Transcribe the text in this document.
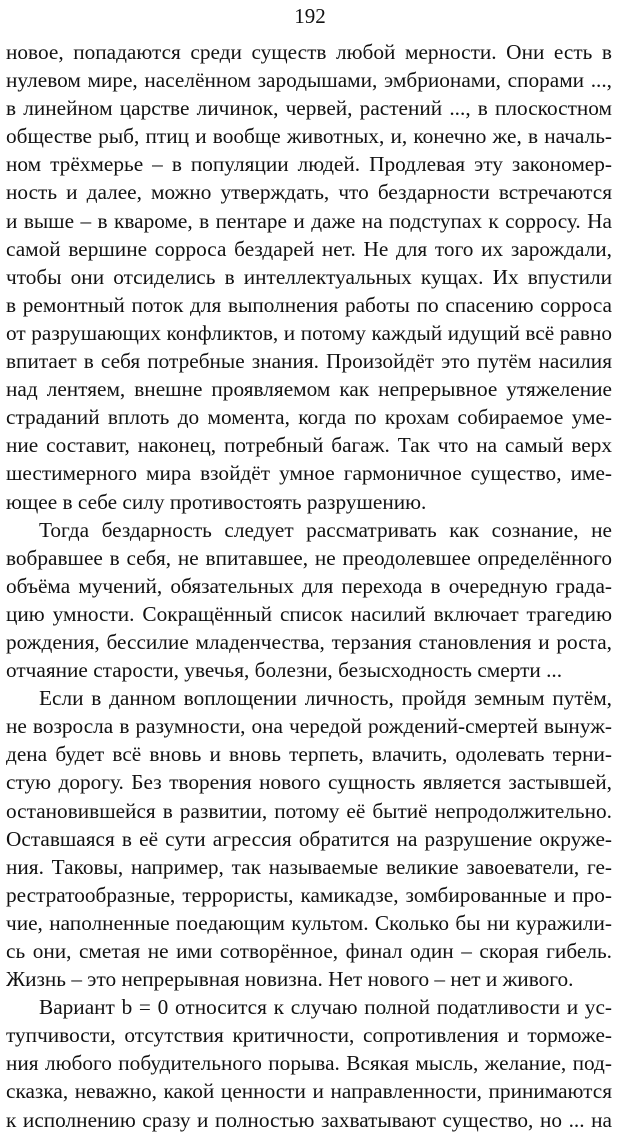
192
новое, попадаются среди существ любой мерности. Они есть в
нулевом мире, населённом зародышами, эмбрионами, спорами ...,
в линейном царстве личинок, червей, растений ..., в плоскостном
обществе рыб, птиц и вообще животных, и, конечно же, в началь-
ном трёхмерье – в популяции людей. Продлевая эту закономер-
ность и далее, можно утверждать, что бездарности встречаются
и выше – в кваромe, в пентаре и даже на подступах к сорросу. На
самой вершине сорроса бездарей нет. Не для того их зарождали,
чтобы они отсиделись в интеллектуальных кущах. Их впустили
в ремонтный поток для выполнения работы по спасению сорроса
от разрушающих конфликтов, и потому каждый идущий всё равно
впитает в себя потребные знания. Произойдёт это путём насилия
над лентяем, внешне проявляемом как непрерывное утяжеление
страданий вплоть до момента, когда по крохам собираемое уме-
ние составит, наконец, потребный багаж. Так что на самый верх
шестимерного мира взойдёт умное гармоничное существо, име-
ющее в себе силу противостоять разрушению.
Тогда бездарность следует рассматривать как сознание, не
вобравшее в себя, не впитавшее, не преодолевшее определённого
объёма мучений, обязательных для перехода в очередную града-
цию умности. Сокращённый список насилий включает трагедию
рождения, бессилие младенчества, терзания становления и роста,
отчаяние старости, увечья, болезни, безысходность смерти ...
Если в данном воплощении личность, пройдя земным путём,
не возросла в разумности, она чередой рождений-смертей вынуж-
дена будет всё вновь и вновь терпеть, влачить, одолевать терни-
стую дорогу. Без творения нового сущность является застывшей,
остановившейся в развитии, потому её бытиё непродолжительно.
Оставшаяся в её сути агрессия обратится на разрушение окруже-
ния. Таковы, например, так называемые великие завоеватели, ге-
рестратообразные, террористы, камикадзе, зомбированные и про-
чие, наполненные поедающим культом. Сколько бы ни куражили-
сь они, сметая не ими сотворённое, финал один – скорая гибель.
Жизнь – это непрерывная новизна. Нет нового – нет и живого.
Вариант b = 0 относится к случаю полной податливости и ус-
тупчивости, отсутствия критичности, сопротивления и торможе-
ния любого побудительного порыва. Всякая мысль, желание, под-
сказка, неважно, какой ценности и направленности, принимаются
к исполнению сразу и полностью захватывают существо, но ... на
